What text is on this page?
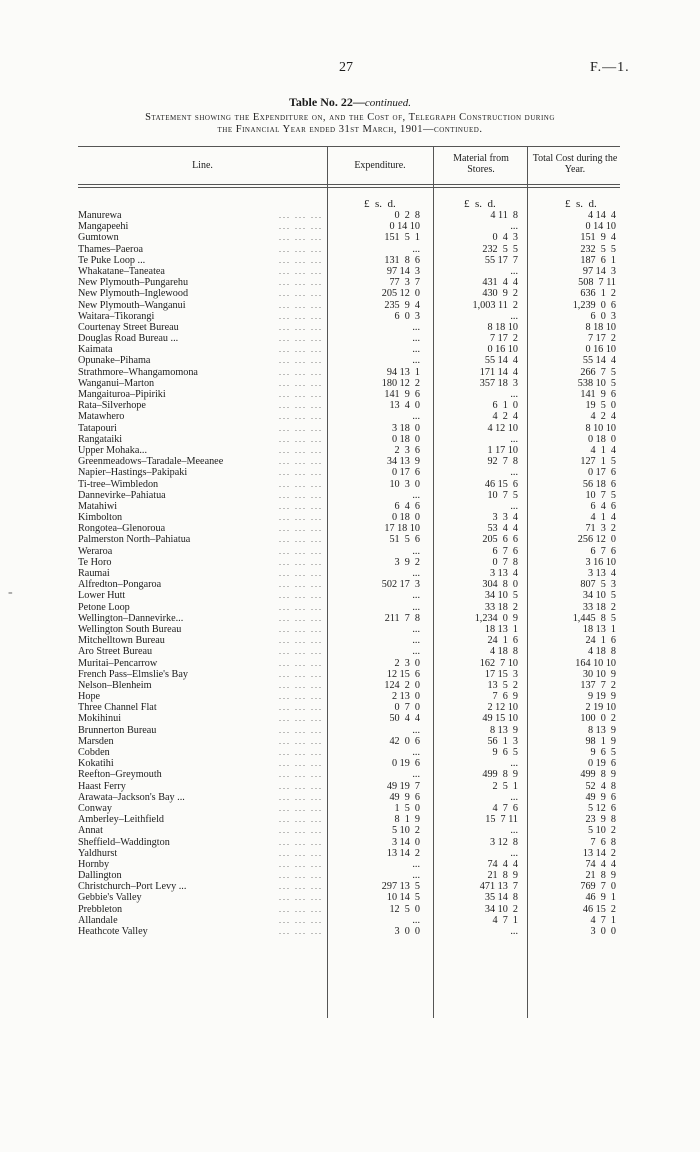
27	F.—1.
Table No. 22—continued.
Statement showing the Expenditure on, and the Cost of, Telegraph Construction during
the Financial Year ended 31st March, 1901—continued.
Line.	Expenditure.
Material from Stores.
Total Cost during the Year.
£  s.  d.	£  s.  d.	£  s.  d.
... ... ...
Manurewa	0  2  8	4 11  8	4 14  4
... ... ...
Mangapeehi	0 14 10	...	0 14 10
... ... ...
Gumtown	151  5  1	0  4  3	151  9  4
... ... ...
Thames–Paeroa	...	232  5  5	232  5  5
... ... ...
Te Puke Loop ...	131  8  6	55 17  7	187  6  1
... ... ...
Whakatane–Taneatea	97 14  3	...	97 14  3
... ... ...
New Plymouth–Pungarehu	77  3  7	431  4  4	508  7 11
... ... ...
New Plymouth–Inglewood	205 12  0	430  9  2	636  1  2
... ... ...
New Plymouth–Wanganui	235  9  4	1,003 11  2	1,239  0  6
... ... ...
Waitara–Tikorangi	6  0  3	...	6  0  3
... ... ...
Courtenay Street Bureau	...	8 18 10	8 18 10
... ... ...
Douglas Road Bureau ...	...	7 17  2	7 17  2
... ... ...
Kaimata	...	0 16 10	0 16 10
... ... ...
Opunake–Pihama	...	55 14  4	55 14  4
... ... ...
Strathmore–Whangamomona	94 13  1	171 14  4	266  7  5
... ... ...
Wanganui–Marton	180 12  2	357 18  3	538 10  5
... ... ...
Mangaiturоа–Pipiriki	141  9  6	...	141  9  6
... ... ...
Rata–Silverhope	13  4  0	6  1  0	19  5  0
... ... ...
Matawhero	...	4  2  4	4  2  4
... ... ...
Tatapouri	3 18  0	4 12 10	8 10 10
... ... ...
Rangataiki	0 18  0	...	0 18  0
... ... ...
Upper Mohaka...	2  3  6	1 17 10	4  1  4
... ... ...
Greenmeadows–Taradale–Meeanee	34 13  9	92  7  8	127  1  5
... ... ...
Napier–Hastings–Pakipaki	0 17  6	...	0 17  6
... ... ...
Ti-tree–Wimbledon	10  3  0	46 15  6	56 18  6
... ... ...
Dannevirke–Pahiatua	...	10  7  5	10  7  5
... ... ...
Matahiwi	6  4  6	...	6  4  6
... ... ...
Kimbolton	0 18  0	3  3  4	4  1  4
... ... ...
Rongotea–Glenoroua	17 18 10	53  4  4	71  3  2
... ... ...
Palmerston North–Pahiatua	51  5  6	205  6  6	256 12  0
... ... ...
Weraroa	...	6  7  6	6  7  6
... ... ...
Te Horo	3  9  2	0  7  8	3 16 10
... ... ...
Raumai	...	3 13  4	3 13  4
... ... ...
Alfredton–Pongaroa	502 17  3	304  8  0	807  5  3
... ... ...
Lower Hutt	...	34 10  5	34 10  5
... ... ...
Petone Loop	...	33 18  2	33 18  2
... ... ...
Wellington–Dannevirke...	211  7  8	1,234  0  9	1,445  8  5
... ... ...
Wellington South Bureau	...	18 13  1	18 13  1
... ... ...
Mitchelltown Bureau	...	24  1  6	24  1  6
... ... ...
Aro Street Bureau	...	4 18  8	4 18  8
... ... ...
Muritai–Pencarrow	2  3  0	162  7 10	164 10 10
... ... ...
French Pass–Elmslie's Bay	12 15  6	17 15  3	30 10  9
... ... ...
Nelson–Blenheim	124  2  0	13  5  2	137  7  2
... ... ...
Hope	2 13  0	7  6  9	9 19  9
... ... ...
Three Channel Flat	0  7  0	2 12 10	2 19 10
... ... ...
Mokihinui	50  4  4	49 15 10	100  0  2
... ... ...
Brunnerton Bureau	...	8 13  9	8 13  9
... ... ...
Marsden	42  0  6	56  1  3	98  1  9
... ... ...
Cobden	...	9  6  5	9  6  5
... ... ...
Kokatihi	0 19  6	...	0 19  6
... ... ...
Reefton–Greymouth	...	499  8  9	499  8  9
... ... ...
Haast Ferry	49 19  7	2  5  1	52  4  8
... ... ...
Arawata–Jackson's Bay ...	49  9  6	...	49  9  6
... ... ...
Conway	1  5  0	4  7  6	5 12  6
... ... ...
Amberley–Leithfield	8  1  9	15  7 11	23  9  8
... ... ...
Annat	5 10  2	...	5 10  2
... ... ...
Sheffield–Waddington	3 14  0	3 12  8	7  6  8
... ... ...
Yaldhurst	13 14  2	...	13 14  2
... ... ...
Hornby	...	74  4  4	74  4  4
... ... ...
Dallington	...	21  8  9	21  8  9
... ... ...
Christchurch–Port Levy ...	297 13  5	471 13  7	769  7  0
... ... ...
Gebbie's Valley	10 14  5	35 14  8	46  9  1
... ... ...
Prebbleton	12  5  0	34 10  2	46 15  2
... ... ...
Allandale	...	4  7  1	4  7  1
... ... ...
Heathcote Valley	3  0  0	...	3  0  0
-
